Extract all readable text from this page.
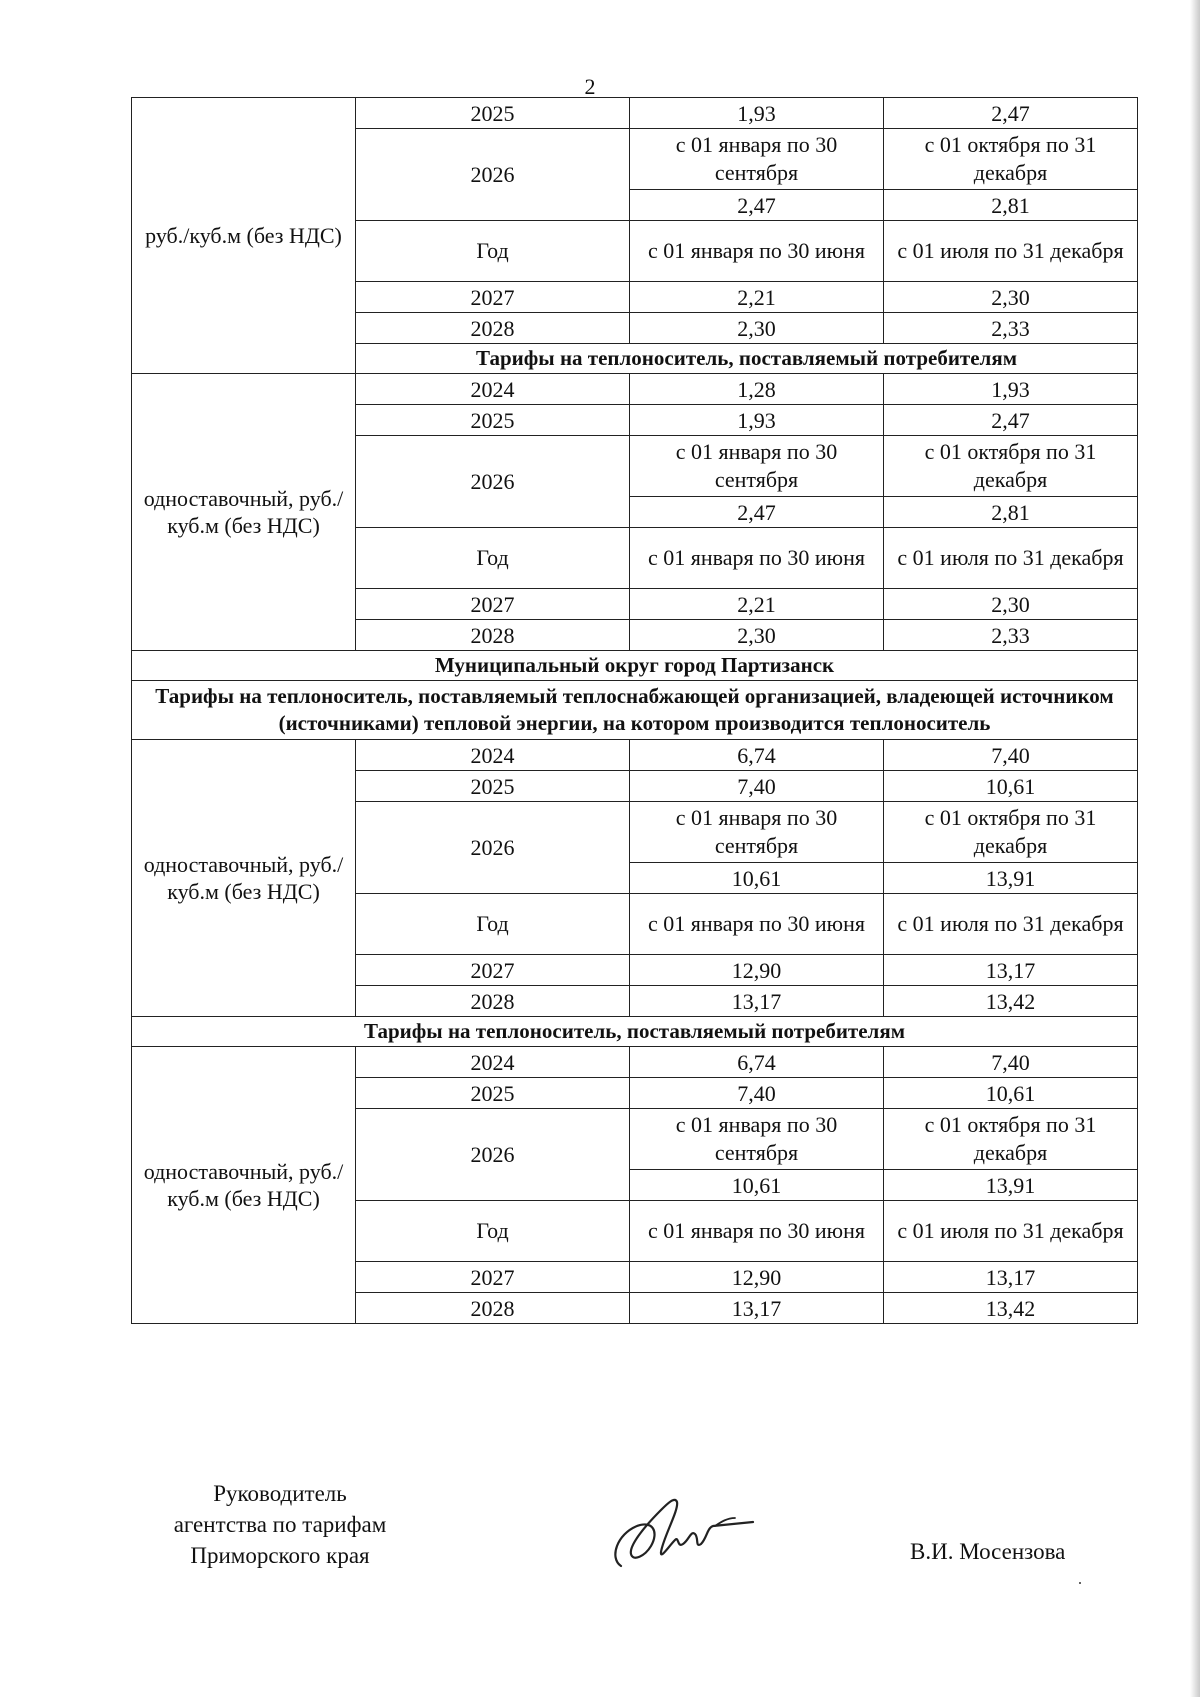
2
руб./куб.м (без НДС)	2025	1,93	2,47
	2026	с 01 января по 30 сентября	с 01 октября по 31 декабря
		2,47	2,81
	Год	с 01 января по 30 июня	с 01 июля по 31 декабря
	2027	2,21	2,30
	2028	2,30	2,33
	Тарифы на теплоноситель, поставляемый потребителям		
одноставочный, руб./куб.м (без НДС)	2024	1,28	1,93
	2025	1,93	2,47
	2026	с 01 января по 30 сентября	с 01 октября по 31 декабря
		2,47	2,81
	Год	с 01 января по 30 июня	с 01 июля по 31 декабря
	2027	2,21	2,30
	2028	2,30	2,33
Муниципальный округ город Партизанск			
Тарифы на теплоноситель, поставляемый теплоснабжающей организацией, владеющей источником (источниками) тепловой энергии, на котором производится теплоноситель			
одноставочный, руб./куб.м (без НДС)	2024	6,74	7,40
	2025	7,40	10,61
	2026	с 01 января по 30 сентября	с 01 октября по 31 декабря
		10,61	13,91
	Год	с 01 января по 30 июня	с 01 июля по 31 декабря
	2027	12,90	13,17
	2028	13,17	13,42
Тарифы на теплоноситель, поставляемый потребителям			
одноставочный, руб./куб.м (без НДС)	2024	6,74	7,40
	2025	7,40	10,61
	2026	с 01 января по 30 сентября	с 01 октября по 31 декабря
		10,61	13,91
	Год	с 01 января по 30 июня	с 01 июля по 31 декабря
	2027	12,90	13,17
	2028	13,17	13,42
Руководитель
агентства по тарифам
Приморского края	В.И. Мосензова
